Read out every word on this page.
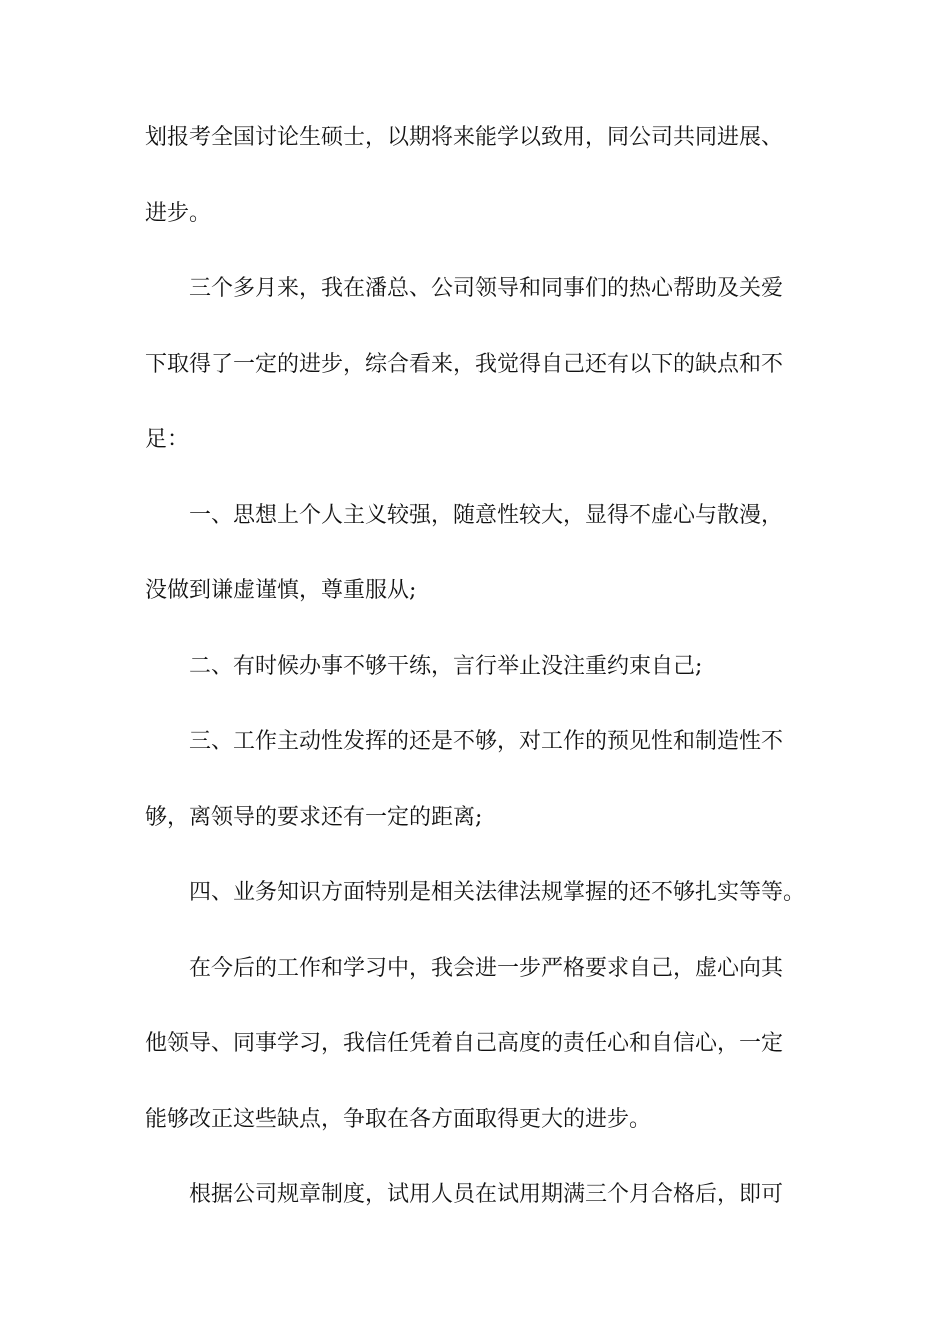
划报考全国讨论生硕士，以期将来能学以致用，同公司共同进展、
进步。
三个多月来，我在潘总、公司领导和同事们的热心帮助及关爱
下取得了一定的进步，综合看来，我觉得自己还有以下的缺点和不
足：
一、思想上个人主义较强，随意性较大，显得不虚心与散漫，
没做到谦虚谨慎，尊重服从;
二、有时候办事不够干练，言行举止没注重约束自己;
三、工作主动性发挥的还是不够，对工作的预见性和制造性不
够，离领导的要求还有一定的距离;
四、业务知识方面特别是相关法律法规掌握的还不够扎实等等。
在今后的工作和学习中，我会进一步严格要求自己，虚心向其
他领导、同事学习，我信任凭着自己高度的责任心和自信心，一定
能够改正这些缺点，争取在各方面取得更大的进步。
根据公司规章制度，试用人员在试用期满三个月合格后，即可
